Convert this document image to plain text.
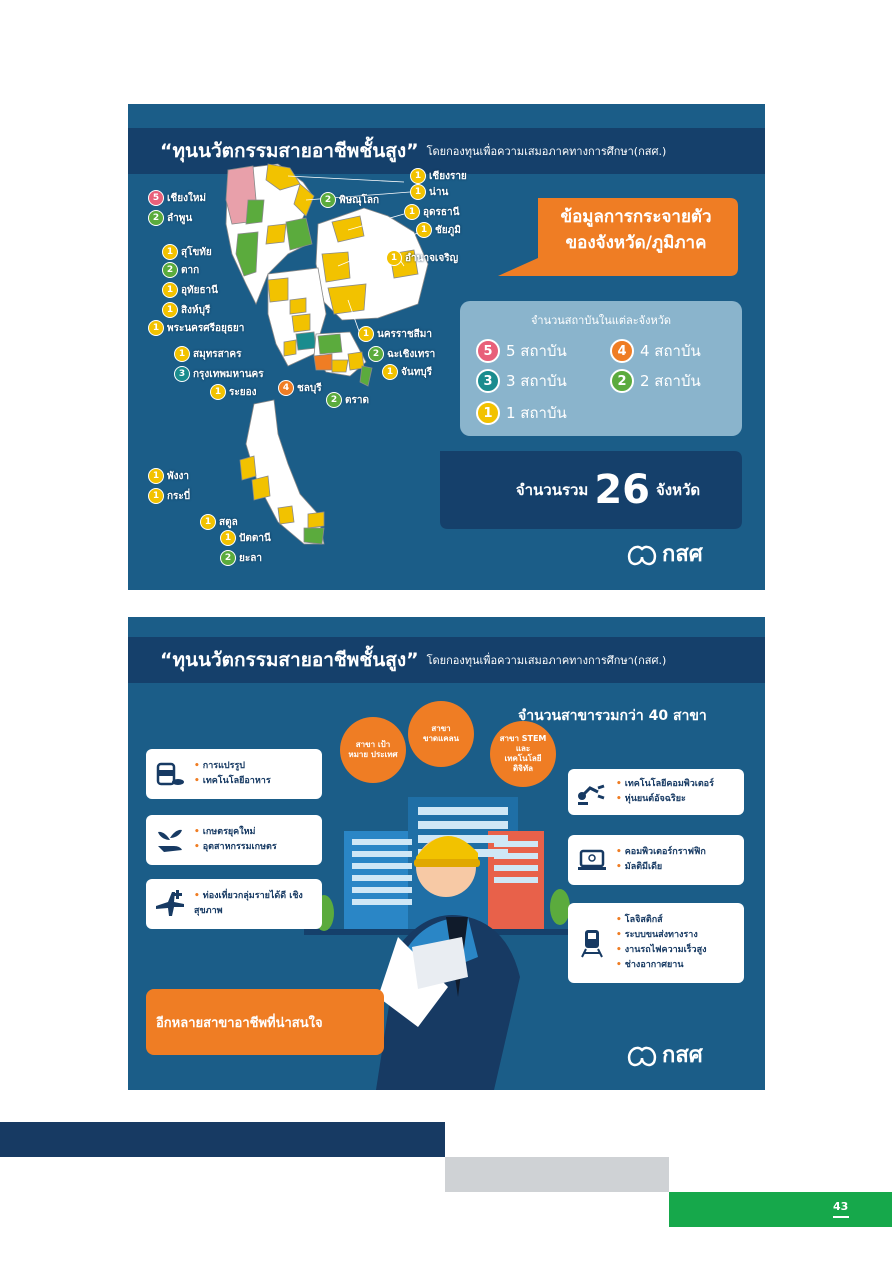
“ทุนนวัตกรรมสายอาชีพชั้นสูง” โดยกองทุนเพื่อความเสมอภาคทางการศึกษา(กสศ.)
1 เชียงราย
1 น่าน
5 เชียงใหม่	2 พิษณุโลก
1 อุดรธานี
2 ลำพูน
1 ชัยภูมิ
1 สุโขทัย
1 อำนาจเจริญ
2 ตาก
1 อุทัยธานี
1 สิงห์บุรี
1 พระนครศรีอยุธยา
1 นครราชสีมา
1 สมุทรสาคร	2 ฉะเชิงเทรา
3 กรุงเทพมหานคร	1 จันทบุรี
1 ระยอง	4 ชลบุรี
2 ตราด
1 พังงา
1 กระบี่
1 สตูล
1 ปัตตานี
2 ยะลา
ข้อมูลการกระจายตัว
ของจังหวัด/ภูมิภาค
จำนวนสถาบันในแต่ละจังหวัด
5 5 สถาบัน	4 4 สถาบัน
3 3 สถาบัน	2 2 สถาบัน
1 1 สถาบัน
จำนวนรวม 26 จังหวัด
กสศ
“ทุนนวัตกรรมสายอาชีพชั้นสูง” โดยกองทุนเพื่อความเสมอภาคทางการศึกษา(กสศ.)
จำนวนสาขารวมกว่า 40 สาขา
สาขา เป้าหมาย ประเทศ
สาขา ขาดแคลน	สาขา STEM และ เทคโนโลยี ดิจิทัล
• การแปรรูป
• เทคโนโลยีอาหาร
• เกษตรยุคใหม่
• อุตสาหกรรมเกษตร
• ท่องเที่ยวกลุ่มรายได้ดี เชิงสุขภาพ
• เทคโนโลยีคอมพิวเตอร์
• หุ่นยนต์อัจฉริยะ
• คอมพิวเตอร์กราฟฟิก
• มัลติมีเดีย
• โลจิสติกส์
• ระบบขนส่งทางราง
• งานรถไฟความเร็วสูง
• ช่างอากาศยาน
อีกหลายสาขาอาชีพที่น่าสนใจ
กสศ
43
